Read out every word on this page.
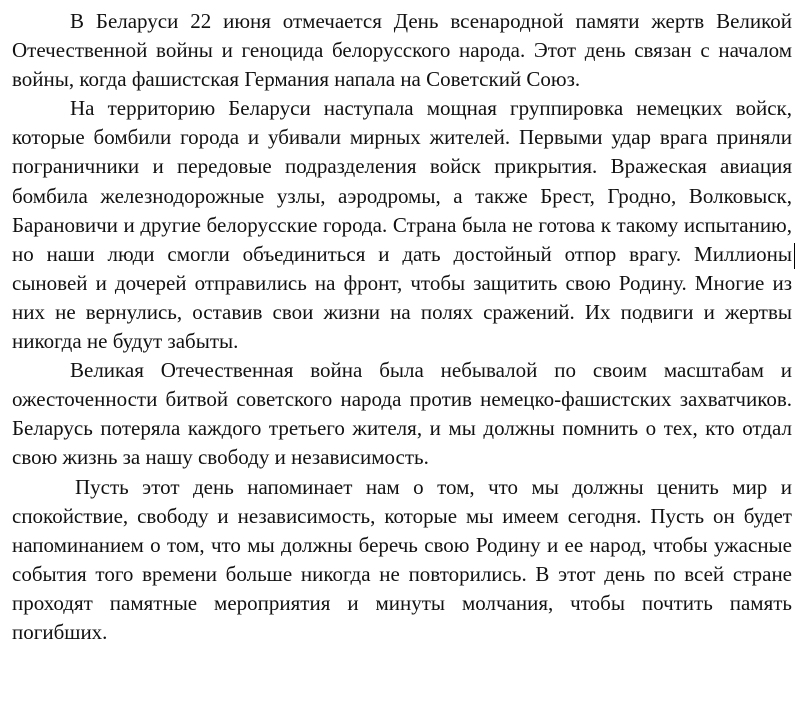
В Беларуси 22 июня отмечается День всенародной памяти жертв Великой Отечественной войны и геноцида белорусского народа. Этот день связан с началом войны, когда фашистская Германия напала на Советский Союз.

На территорию Беларуси наступала мощная группировка немецких войск, которые бомбили города и убивали мирных жителей. Первыми удар врага приняли пограничники и передовые подразделения войск прикрытия. Вражеская авиация бомбила железнодорожные узлы, аэродромы, а также Брест, Гродно, Волковыск, Барановичи и другие белорусские города. Страна была не готова к такому испытанию, но наши люди смогли объединиться и дать достойный отпор врагу. Миллионы сыновей и дочерей отправились на фронт, чтобы защитить свою Родину. Многие из них не вернулись, оставив свои жизни на полях сражений. Их подвиги и жертвы никогда не будут забыты.

Великая Отечественная война была небывалой по своим масштабам и ожесточенности битвой советского народа против немецко-фашистских захватчиков. Беларусь потеряла каждого третьего жителя, и мы должны помнить о тех, кто отдал свою жизнь за нашу свободу и независимость.

Пусть этот день напоминает нам о том, что мы должны ценить мир и спокойствие, свободу и независимость, которые мы имеем сегодня. Пусть он будет напоминанием о том, что мы должны беречь свою Родину и ее народ, чтобы ужасные события того времени больше никогда не повторились. В этот день по всей стране проходят памятные мероприятия и минуты молчания, чтобы почтить память погибших.
